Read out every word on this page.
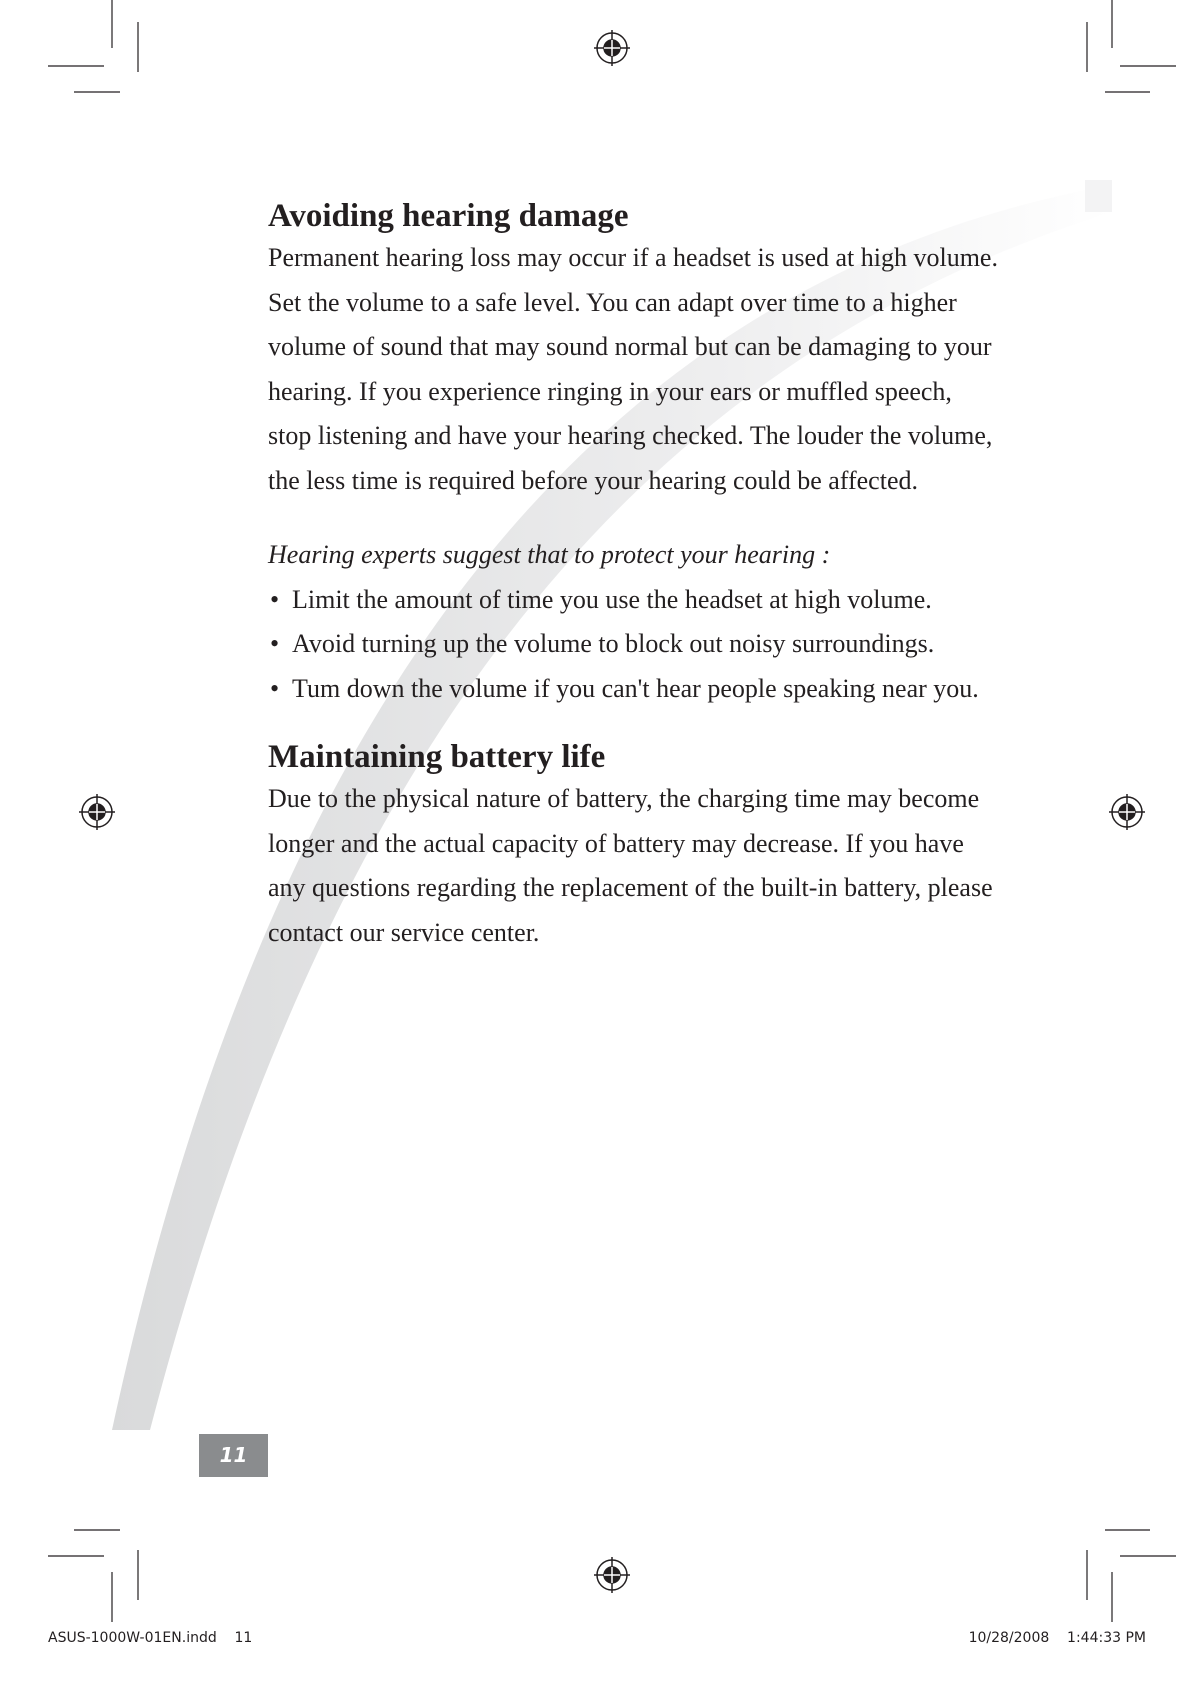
Avoiding hearing damage

Permanent hearing loss may occur if a headset is used at high volume. Set the volume to a safe level. You can adapt over time to a higher volume of sound that may sound normal but can be damaging to your hearing. If you experience ringing in your ears or muffled speech, stop listening and have your hearing checked. The louder the volume, the less time is required before your hearing could be affected.

Hearing experts suggest that to protect your hearing :

• Limit the amount of time you use the headset at high volume.
• Avoid turning up the volume to block out noisy surroundings.
• Tum down the volume if you can't hear people speaking near you.
Maintaining battery life

Due to the physical nature of battery, the charging time may become longer and the actual capacity of battery may decrease. If you have any questions regarding the replacement of the built-in battery, please contact our service center.

11
ASUS-1000W-01EN.indd    11	10/28/2008    1:44:33 PM
